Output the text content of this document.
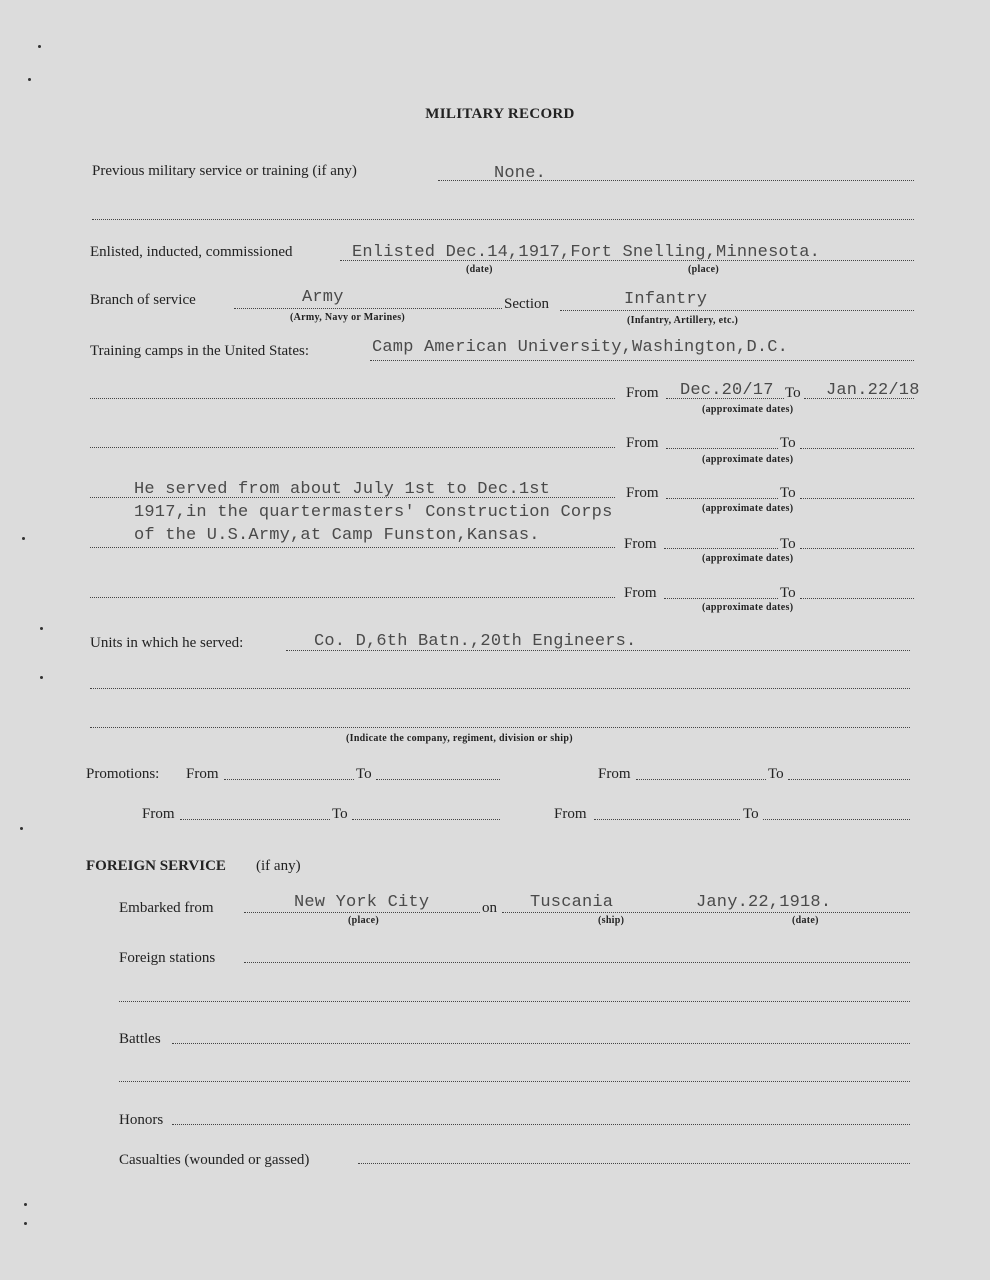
MILITARY RECORD
Previous military service or training (if any)	None.
Enlisted, inducted, commissioned	Enlisted Dec.14,1917,Fort Snelling,Minnesota.
(date)	(place)
Branch of service	Army
(Army, Navy or Marines)
Section	Infantry
(Infantry, Artillery, etc.)
Training camps in the United States:	Camp American University,Washington,D.C.
From Dec.20/17 To Jan.22/18
(approximate dates)
From	To
(approximate dates)
He served from about July 1st to Dec.1st	From	To
(approximate dates)
1917,in the quartermasters' Construction Corps
of the U.S.Army,at Camp Funston,Kansas.	From	To
(approximate dates)
From	To
(approximate dates)
Units in which he served:	Co. D,6th Batn.,20th Engineers.
(Indicate the company, regiment, division or ship)
Promotions: From	To	From	To
From	To	From	To
FOREIGN SERVICE (if any)
Embarked from	New York City	on Tuscania	Jany.22,1918.
(place)	(ship)	(date)
Foreign stations
Battles
Honors
Casualties (wounded or gassed)
